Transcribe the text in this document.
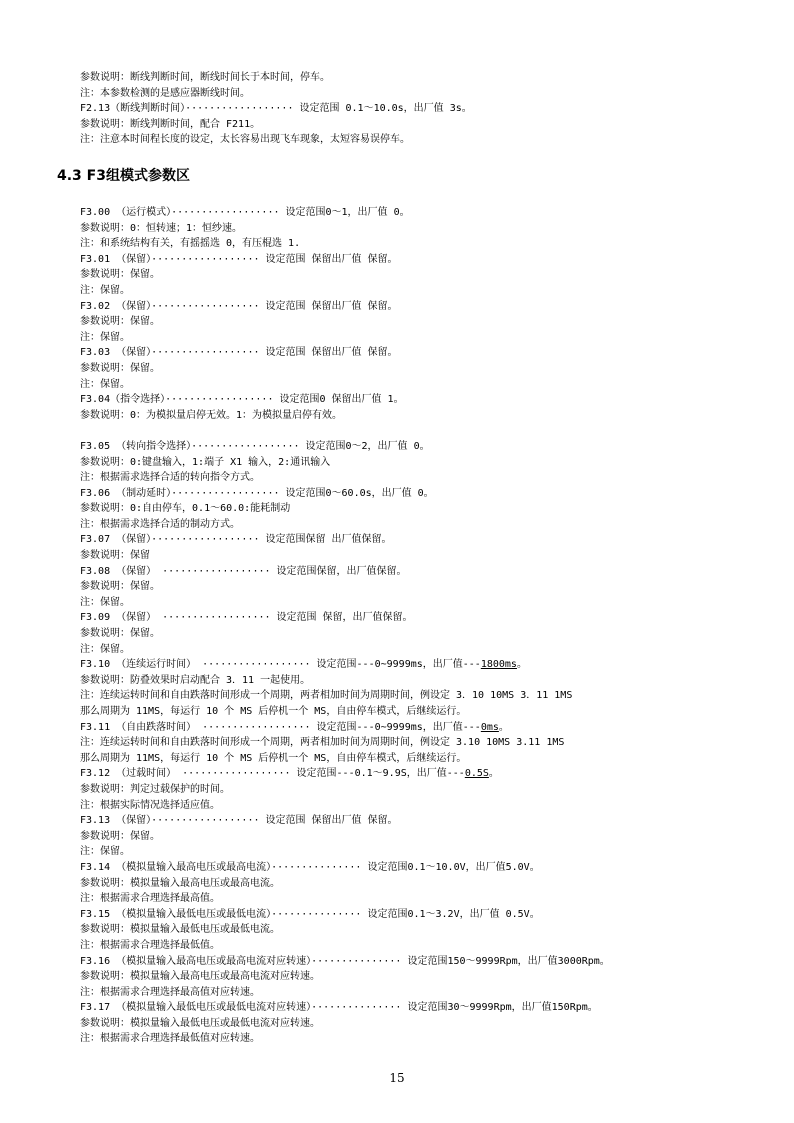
参数说明：断线判断时间，断线时间长于本时间，停车。
注：本参数检测的是感应器断线时间。
F2.13（断线判断时间）·················· 设定范围 0.1～10.0s，出厂值 3s。
参数说明：断线判断时间，配合 F211。
注：注意本时间程长度的设定，太长容易出现飞车现象，太短容易误停车。
4.3 F3组模式参数区
F3.00 （运行模式）·················· 设定范围0～1，出厂值 0。
参数说明：0：恒转速；1：恒纱速。
注：和系统结构有关，有摇摇选 0，有压棍选 1.
F3.01 （保留）·················· 设定范围 保留出厂值 保留。
参数说明：保留。
注：保留。
F3.02 （保留）·················· 设定范围 保留出厂值 保留。
参数说明：保留。
注：保留。
F3.03 （保留）·················· 设定范围 保留出厂值 保留。
参数说明：保留。
注：保留。
F3.04（指令选择）·················· 设定范围0 保留出厂值 1。
参数说明：0：为模拟量启停无效。1：为模拟量启停有效。
F3.05 （转向指令选择）·················· 设定范围0～2，出厂值 0。
参数说明：0:键盘输入，1:端子 X1 输入，2:通讯输入
注：根据需求选择合适的转向指令方式。
F3.06 （制动延时）·················· 设定范围0～60.0s，出厂值 0。
参数说明：0:自由停车，0.1～60.0:能耗制动
注：根据需求选择合适的制动方式。
F3.07 （保留）·················· 设定范围保留 出厂值保留。
参数说明：保留
F3.08 （保留） ·················· 设定范围保留，出厂值保留。
参数说明：保留。
注：保留。
F3.09 （保留） ·················· 设定范围 保留，出厂值保留。
参数说明：保留。
注：保留。
F3.10 （连续运行时间） ·················· 设定范围---0~9999ms，出厂值---1800ms。
参数说明：防叠效果时启动配合 3．11 一起使用。
注：连续运转时间和自由跌落时间形成一个周期，两者相加时间为周期时间，例设定 3．10 10MS 3．11 1MS
那么周期为 11MS，每运行 10 个 MS 后停机一个 MS，自由停车模式，后继续运行。
F3.11 （自由跌落时间） ·················· 设定范围---0~9999ms，出厂值---0ms。
注：连续运转时间和自由跌落时间形成一个周期，两者相加时间为周期时间，例设定 3.10 10MS 3.11 1MS
那么周期为 11MS，每运行 10 个 MS 后停机一个 MS，自由停车模式，后继续运行。
F3.12 （过载时间） ·················· 设定范围---0.1～9.9S，出厂值---0.5S。
参数说明：判定过载保护的时间。
注：根据实际情况选择适应值。
F3.13 （保留）·················· 设定范围 保留出厂值 保留。
参数说明：保留。
注：保留。
F3.14 （模拟量输入最高电压或最高电流）··············· 设定范围0.1～10.0V，出厂值5.0V。
参数说明：模拟量输入最高电压或最高电流。
注：根据需求合理选择最高值。
F3.15 （模拟量输入最低电压或最低电流）··············· 设定范围0.1～3.2V，出厂值 0.5V。
参数说明：模拟量输入最低电压或最低电流。
注：根据需求合理选择最低值。
F3.16 （模拟量输入最高电压或最高电流对应转速）··············· 设定范围150～9999Rpm，出厂值3000Rpm。
参数说明：模拟量输入最高电压或最高电流对应转速。
注：根据需求合理选择最高值对应转速。
F3.17 （模拟量输入最低电压或最低电流对应转速）··············· 设定范围30～9999Rpm，出厂值150Rpm。
参数说明：模拟量输入最低电压或最低电流对应转速。
注：根据需求合理选择最低值对应转速。
15
